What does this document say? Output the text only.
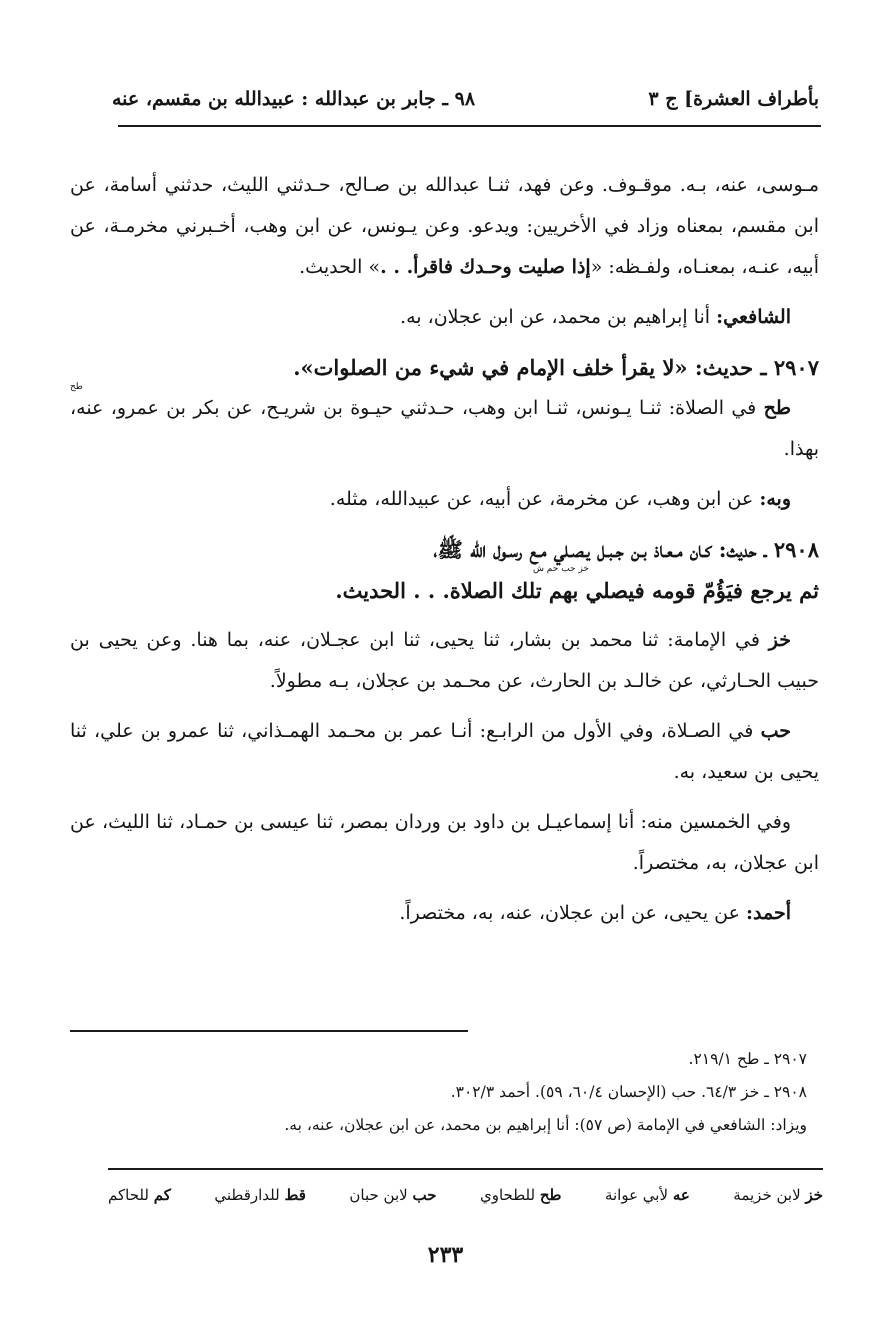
بأطراف العشرة] ج ٣
٩٨ ـ جابر بن عبدالله : عبيدالله بن مقسم، عنه

مـوسى، عنه، بـه. موقـوف. وعن فهد، ثنـا عبدالله بن صـالح، حـدثني الليث، حدثني أسامة، عن ابن مقسم، بمعناه وزاد في الأخريين: ويدعو. وعن يـونس، عن ابن وهب، أخـبرني مخرمـة، عن أبيه، عنـه، بمعنـاه، ولفـظه: «إذا صليت وحـدك فاقرأ. . .» الحديث.

الشافعي: أنا إبراهيم بن محمد، عن ابن عجلان، به.

٢٩٠٧ ـ حديث: «لا يقرأ خلف الإمام في شيء من الصلوات».
طح

طح في الصلاة: ثنـا يـونس، ثنـا ابن وهب، حـدثني حيـوة بن شريـح، عن بكر بن عمرو، عنه، بهذا.

وبه: عن ابن وهب، عن مخرمة، عن أبيه، عن عبيدالله، مثله.

٢٩٠٨ ـ حديث: كـان مـعـاذ بـن جـبـل يـصـلي مـع رسـول الله ﷺ،
خز حب حم ش
ثم يرجع فيَؤُمّ قومه فيصلي بهم تلك الصلاة. . . الحديث.

خز في الإمامة: ثنا محمد بن بشار، ثنا يحيى، ثنا ابن عجـلان، عنه، بما هنا. وعن يحيى بن حبيب الحـارثي، عن خالـد بن الحارث، عن محـمد بن عجلان، بـه مطولاً.

حب في الصـلاة، وفي الأول من الرابـع: أنـا عمر بن محـمد الهمـذاني، ثنا عمرو بن علي، ثنا يحيى بن سعيد، به.

وفي الخمسين منه: أنا إسماعيـل بن داود بن وردان بمصر، ثنا عيسى بن حمـاد، ثنا الليث، عن ابن عجلان، به، مختصراً.

أحمد: عن يحيى، عن ابن عجلان، عنه، به، مختصراً.

٢٩٠٧ ـ طح ٢١٩/١.
٢٩٠٨ ـ خز ٦٤/٣. حب (الإحسان ٦٠/٤، ٥٩). أحمد ٣٠٢/٣.
ويزاد: الشافعي في الإمامة (ص ٥٧): أنا إبراهيم بن محمد، عن ابن عجلان، عنه، به.
خز لابن خزيمة
عه لأبي عوانة
طح للطحاوي
حب لابن حبان
قط للدارقطني
كم للحاكم
٢٣٣
